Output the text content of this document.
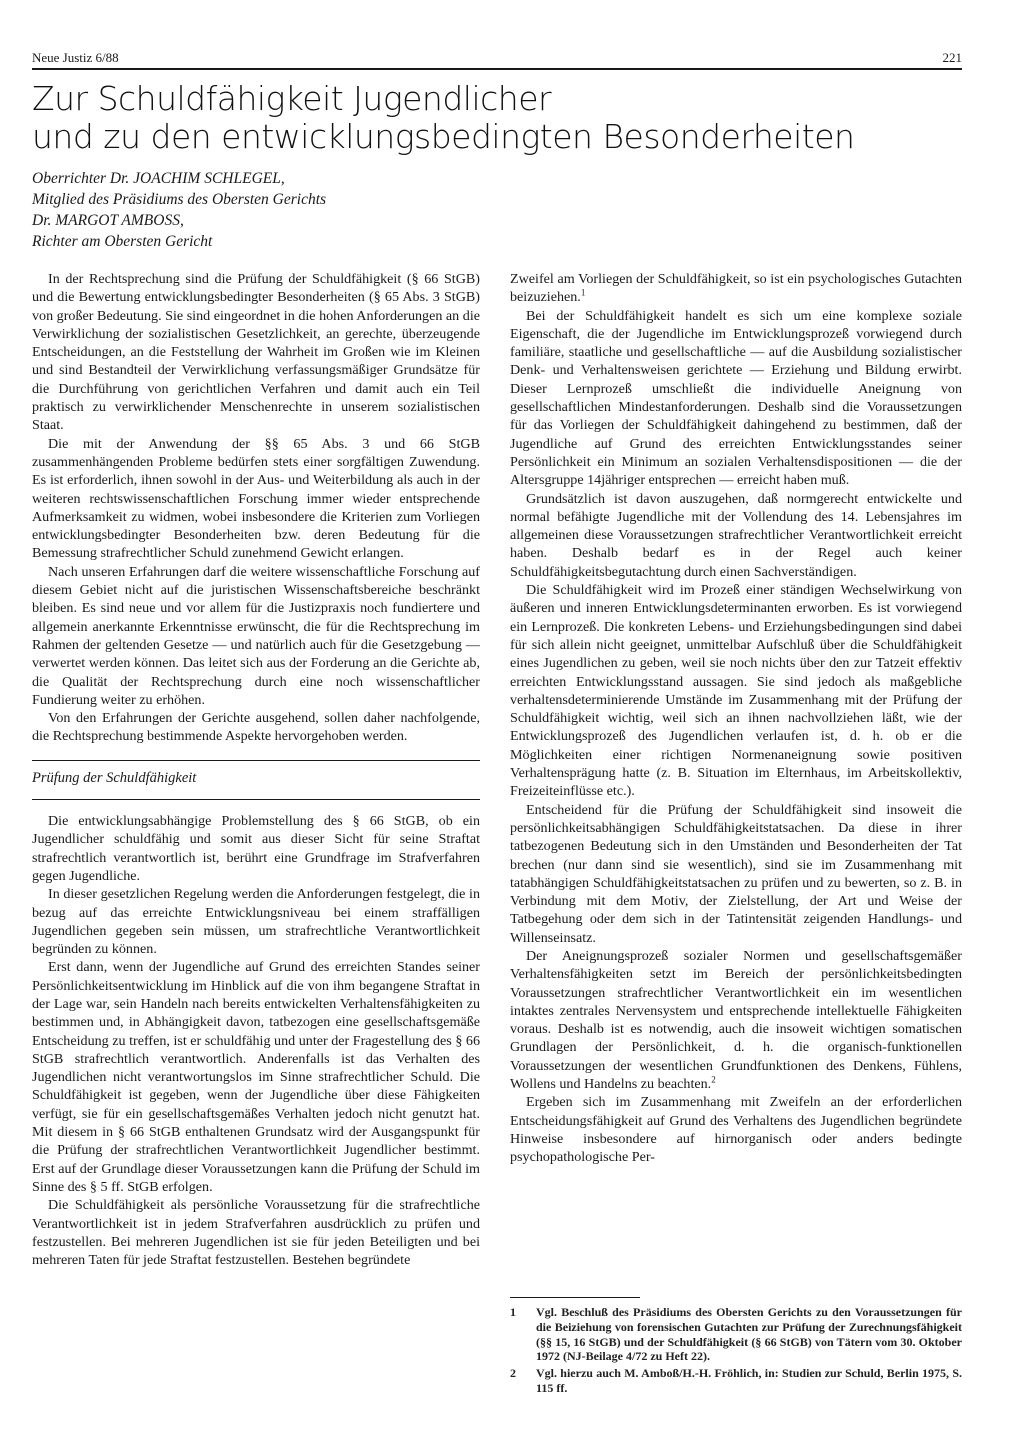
Neue Justiz 6/88	221
Zur Schuldfähigkeit Jugendlicher
und zu den entwicklungsbedingten Besonderheiten
Oberrichter Dr. JOACHIM SCHLEGEL,
Mitglied des Präsidiums des Obersten Gerichts
Dr. MARGOT AMBOSS,
Richter am Obersten Gericht

In der Rechtsprechung sind die Prüfung der Schuldfähigkeit (§ 66 StGB) und die Bewertung entwicklungsbedingter Besonderheiten (§ 65 Abs. 3 StGB) von großer Bedeutung. Sie sind eingeordnet in die hohen Anforderungen an die Verwirklichung der sozialistischen Gesetzlichkeit, an gerechte, überzeugende Entscheidungen, an die Feststellung der Wahrheit im Großen wie im Kleinen und sind Bestandteil der Verwirklichung verfassungsmäßiger Grundsätze für die Durchführung von gerichtlichen Verfahren und damit auch ein Teil praktisch zu verwirklichender Menschenrechte in unserem sozialistischen Staat.

Die mit der Anwendung der §§ 65 Abs. 3 und 66 StGB zusammenhängenden Probleme bedürfen stets einer sorgfältigen Zuwendung. Es ist erforderlich, ihnen sowohl in der Aus- und Weiterbildung als auch in der weiteren rechtswissenschaftlichen Forschung immer wieder entsprechende Aufmerksamkeit zu widmen, wobei insbesondere die Kriterien zum Vorliegen entwicklungsbedingter Besonderheiten bzw. deren Bedeutung für die Bemessung strafrechtlicher Schuld zunehmend Gewicht erlangen.

Nach unseren Erfahrungen darf die weitere wissenschaftliche Forschung auf diesem Gebiet nicht auf die juristischen Wissenschaftsbereiche beschränkt bleiben. Es sind neue und vor allem für die Justizpraxis noch fundiertere und allgemein anerkannte Erkenntnisse erwünscht, die für die Rechtsprechung im Rahmen der geltenden Gesetze — und natürlich auch für die Gesetzgebung — verwertet werden können. Das leitet sich aus der Forderung an die Gerichte ab, die Qualität der Rechtsprechung durch eine noch wissenschaftlicher Fundierung weiter zu erhöhen.

Von den Erfahrungen der Gerichte ausgehend, sollen daher nachfolgende, die Rechtsprechung bestimmende Aspekte hervorgehoben werden.

Prüfung der Schuldfähigkeit

Die entwicklungsabhängige Problemstellung des § 66 StGB, ob ein Jugendlicher schuldfähig und somit aus dieser Sicht für seine Straftat strafrechtlich verantwortlich ist, berührt eine Grundfrage im Strafverfahren gegen Jugendliche.

In dieser gesetzlichen Regelung werden die Anforderungen festgelegt, die in bezug auf das erreichte Entwicklungsniveau bei einem straffälligen Jugendlichen gegeben sein müssen, um strafrechtliche Verantwortlichkeit begründen zu können.

Erst dann, wenn der Jugendliche auf Grund des erreichten Standes seiner Persönlichkeitsentwicklung im Hinblick auf die von ihm begangene Straftat in der Lage war, sein Handeln nach bereits entwickelten Verhaltensfähigkeiten zu bestimmen und, in Abhängigkeit davon, tatbezogen eine gesellschaftsgemäße Entscheidung zu treffen, ist er schuldfähig und unter der Fragestellung des § 66 StGB strafrechtlich verantwortlich. Anderenfalls ist das Verhalten des Jugendlichen nicht verantwortungslos im Sinne strafrechtlicher Schuld. Die Schuldfähigkeit ist gegeben, wenn der Jugendliche über diese Fähigkeiten verfügt, sie für ein gesellschaftsgemäßes Verhalten jedoch nicht genutzt hat. Mit diesem in § 66 StGB enthaltenen Grundsatz wird der Ausgangspunkt für die Prüfung der strafrechtlichen Verantwortlichkeit Jugendlicher bestimmt. Erst auf der Grundlage dieser Voraussetzungen kann die Prüfung der Schuld im Sinne des § 5 ff. StGB erfolgen.

Die Schuldfähigkeit als persönliche Voraussetzung für die strafrechtliche Verantwortlichkeit ist in jedem Strafverfahren ausdrücklich zu prüfen und festzustellen. Bei mehreren Jugendlichen ist sie für jeden Beteiligten und bei mehreren Taten für jede Straftat festzustellen. Bestehen begründete

Zweifel am Vorliegen der Schuldfähigkeit, so ist ein psychologisches Gutachten beizuziehen.$^1$

Bei der Schuldfähigkeit handelt es sich um eine komplexe soziale Eigenschaft, die der Jugendliche im Entwicklungsprozeß vorwiegend durch familiäre, staatliche und gesellschaftliche — auf die Ausbildung sozialistischer Denk- und Verhaltensweisen gerichtete — Erziehung und Bildung erwirbt. Dieser Lernprozeß umschließt die individuelle Aneignung von gesellschaftlichen Mindestanforderungen. Deshalb sind die Voraussetzungen für das Vorliegen der Schuldfähigkeit dahingehend zu bestimmen, daß der Jugendliche auf Grund des erreichten Entwicklungsstandes seiner Persönlichkeit ein Minimum an sozialen Verhaltensdispositionen — die der Altersgruppe 14jähriger entsprechen — erreicht haben muß.

Grundsätzlich ist davon auszugehen, daß normgerecht entwickelte und normal befähigte Jugendliche mit der Vollendung des 14. Lebensjahres im allgemeinen diese Voraussetzungen strafrechtlicher Verantwortlichkeit erreicht haben. Deshalb bedarf es in der Regel auch keiner Schuldfähigkeitsbegutachtung durch einen Sachverständigen.

Die Schuldfähigkeit wird im Prozeß einer ständigen Wechselwirkung von äußeren und inneren Entwicklungsdeterminanten erworben. Es ist vorwiegend ein Lernprozeß. Die konkreten Lebens- und Erziehungsbedingungen sind dabei für sich allein nicht geeignet, unmittelbar Aufschluß über die Schuldfähigkeit eines Jugendlichen zu geben, weil sie noch nichts über den zur Tatzeit effektiv erreichten Entwicklungsstand aussagen. Sie sind jedoch als maßgebliche verhaltensdeterminierende Umstände im Zusammenhang mit der Prüfung der Schuldfähigkeit wichtig, weil sich an ihnen nachvollziehen läßt, wie der Entwicklungsprozeß des Jugendlichen verlaufen ist, d. h. ob er die Möglichkeiten einer richtigen Normenaneignung sowie positiven Verhaltensprägung hatte (z. B. Situation im Elternhaus, im Arbeitskollektiv, Freizeiteinflüsse etc.).

Entscheidend für die Prüfung der Schuldfähigkeit sind insoweit die persönlichkeitsabhängigen Schuldfähigkeitstatsachen. Da diese in ihrer tatbezogenen Bedeutung sich in den Umständen und Besonderheiten der Tat brechen (nur dann sind sie wesentlich), sind sie im Zusammenhang mit tatabhängigen Schuldfähigkeitstatsachen zu prüfen und zu bewerten, so z. B. in Verbindung mit dem Motiv, der Zielstellung, der Art und Weise der Tatbegehung oder dem sich in der Tatintensität zeigenden Handlungs- und Willenseinsatz.

Der Aneignungsprozeß sozialer Normen und gesellschaftsgemäßer Verhaltensfähigkeiten setzt im Bereich der persönlichkeitsbedingten Voraussetzungen strafrechtlicher Verantwortlichkeit ein im wesentlichen intaktes zentrales Nervensystem und entsprechende intellektuelle Fähigkeiten voraus. Deshalb ist es notwendig, auch die insoweit wichtigen somatischen Grundlagen der Persönlichkeit, d. h. die organisch-funktionellen Voraussetzungen der wesentlichen Grundfunktionen des Denkens, Fühlens, Wollens und Handelns zu beachten.$^2$

Ergeben sich im Zusammenhang mit Zweifeln an der erforderlichen Entscheidungsfähigkeit auf Grund des Verhaltens des Jugendlichen begründete Hinweise insbesondere auf hirnorganisch oder anders bedingte psychopathologische Per-

1	Vgl. Beschluß des Präsidiums des Obersten Gerichts zu den Voraussetzungen für die Beiziehung von forensischen Gutachten zur Prüfung der Zurechnungsfähigkeit (§§ 15, 16 StGB) und der Schuldfähigkeit (§ 66 StGB) von Tätern vom 30. Oktober 1972 (NJ-Beilage 4/72 zu Heft 22).
2	Vgl. hierzu auch M. Amboß/H.-H. Fröhlich, in: Studien zur Schuld, Berlin 1975, S. 115 ff.
